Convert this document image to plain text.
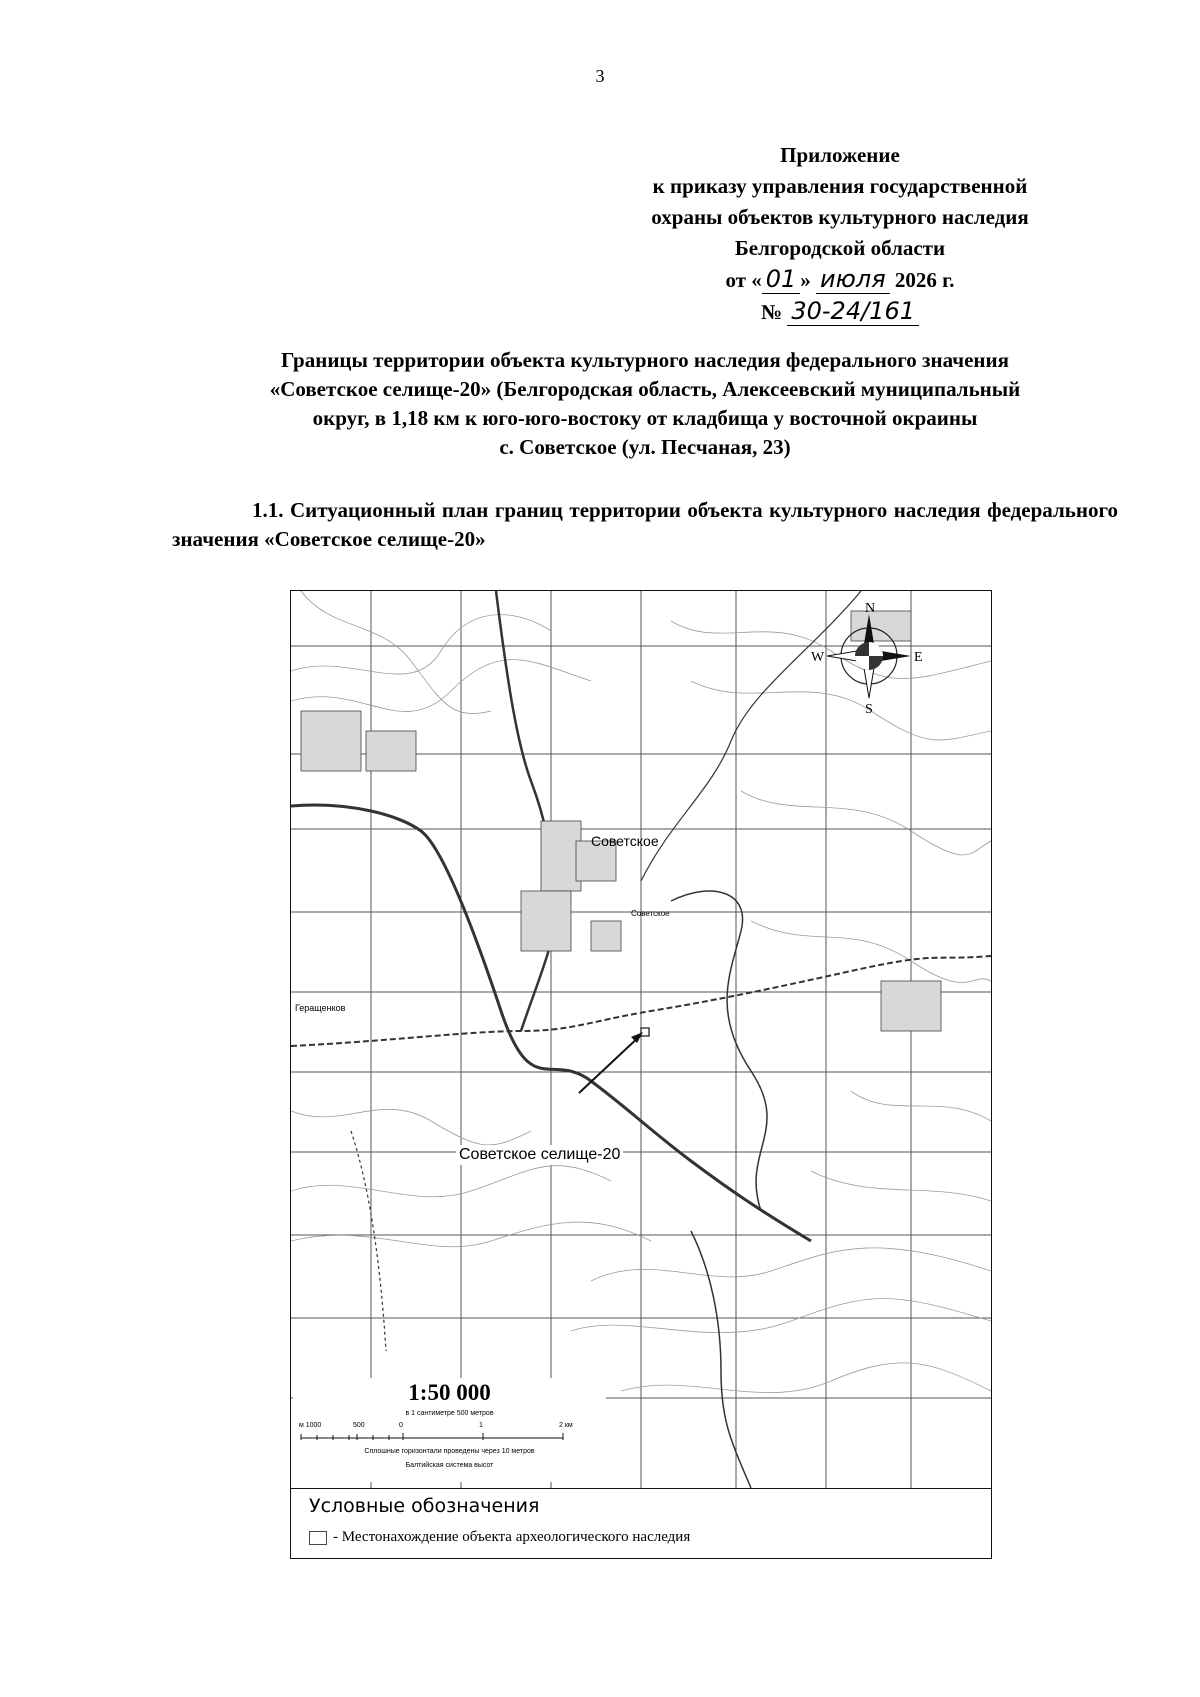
3
Приложение
к приказу управления государственной
охраны объектов культурного наследия
Белгородской области
от « 01 » июля 2026 г.
№ 30-24/161
Границы территории объекта культурного наследия федерального значения
«Советское селище-20» (Белгородская область, Алексеевский муниципальный
округ, в 1,18 км к юго-юго-востоку от кладбища у восточной окраины
с. Советское (ул. Песчаная, 23)
1.1. Ситуационный план границ территории объекта культурного наследия федерального значения «Советское селище-20»
N
S
W	E
Советское
Советское
Геращенков
Советское селище-20
1:50 000
в 1 сантиметре 500 метров
м 1000	500	0	1	2 км
Сплошные горизонтали проведены через 10 метров
Балтийская система высот
Условные обозначения
- Местонахождение объекта археологического наследия
